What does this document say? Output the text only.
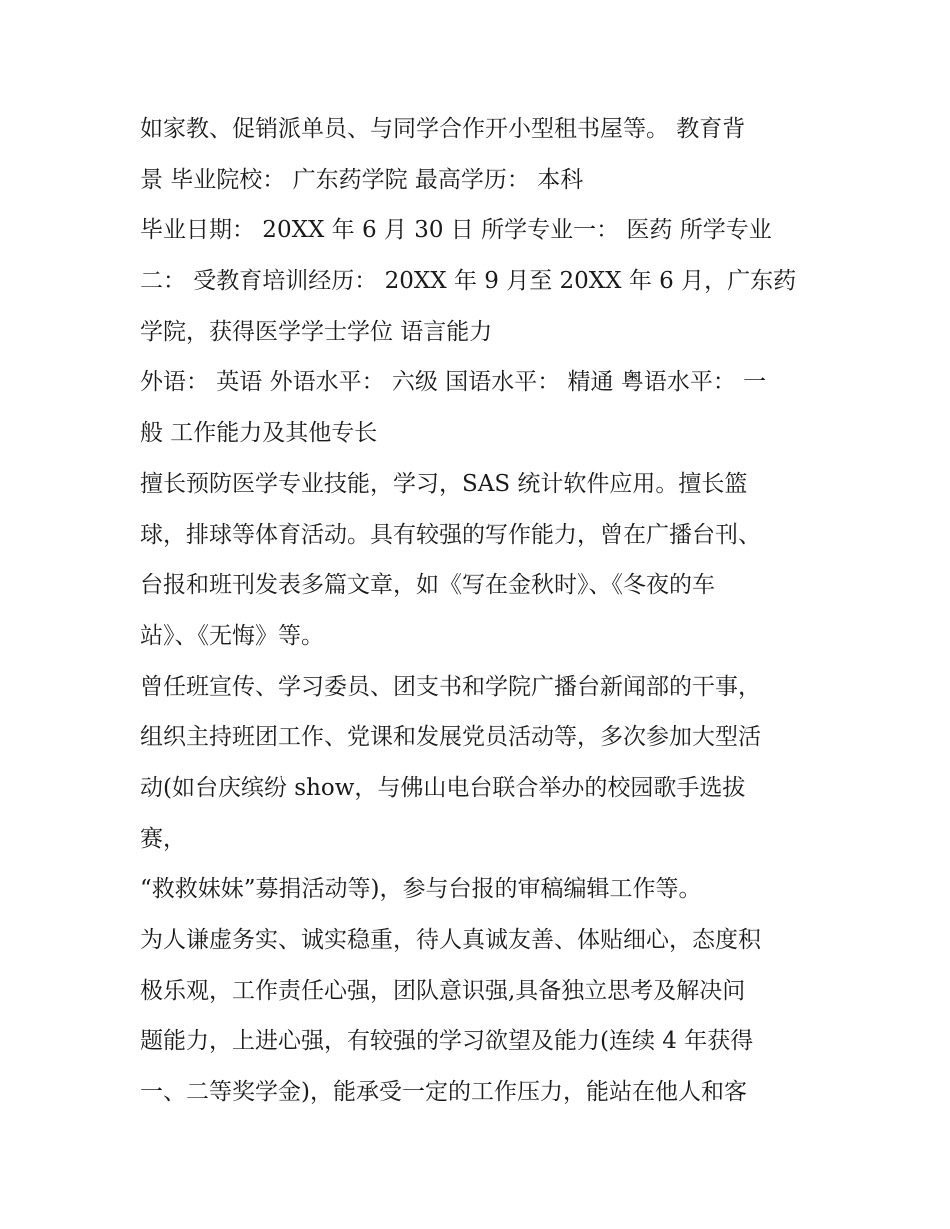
如家教、促销派单员、与同学合作开小型租书屋等。 教育背
景 毕业院校： 广东药学院 最高学历： 本科
毕业日期： 20XX 年 6 月 30 日 所学专业一： 医药 所学专业
二： 受教育培训经历： 20XX 年 9 月至 20XX 年 6 月，广东药
学院，获得医学学士学位 语言能力
外语： 英语 外语水平： 六级 国语水平： 精通 粤语水平： 一
般 工作能力及其他专长
擅长预防医学专业技能，学习，SAS 统计软件应用。擅长篮
球，排球等体育活动。具有较强的写作能力，曾在广播台刊、
台报和班刊发表多篇文章，如《写在金秋时》、《冬夜的车
站》、《无悔》等。
曾任班宣传、学习委员、团支书和学院广播台新闻部的干事，
组织主持班团工作、党课和发展党员活动等，多次参加大型活
动(如台庆缤纷 show，与佛山电台联合举办的校园歌手选拔
赛，
“救救妹妹”募捐活动等)，参与台报的审稿编辑工作等。
为人谦虚务实、诚实稳重，待人真诚友善、体贴细心，态度积
极乐观，工作责任心强，团队意识强,具备独立思考及解决问
题能力，上进心强，有较强的学习欲望及能力(连续 4 年获得
一、二等奖学金)，能承受一定的工作压力，能站在他人和客
